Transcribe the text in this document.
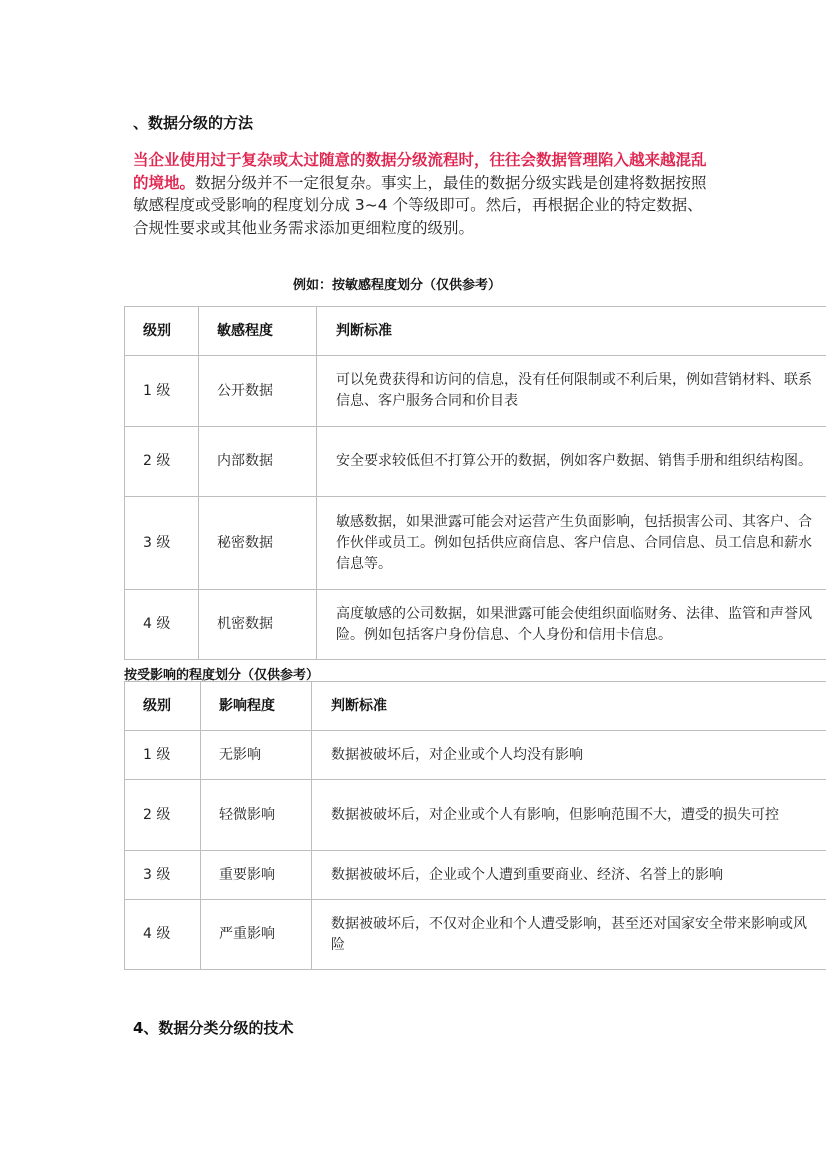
、数据分级的方法
当企业使用过于复杂或太过随意的数据分级流程时，往往会数据管理陷入越来越混乱的境地。数据分级并不一定很复杂。事实上，最佳的数据分级实践是创建将数据按照敏感程度或受影响的程度划分成 3~4 个等级即可。然后，再根据企业的特定数据、合规性要求或其他业务需求添加更细粒度的级别。
例如：按敏感程度划分（仅供参考）
级别	敏感程度	判断标准
1 级	公开数据	可以免费获得和访问的信息，没有任何限制或不利后果，例如营销材料、联系信息、客户服务合同和价目表
2 级	内部数据	安全要求较低但不打算公开的数据，例如客户数据、销售手册和组织结构图。
3 级	秘密数据	敏感数据，如果泄露可能会对运营产生负面影响，包括损害公司、其客户、合作伙伴或员工。例如包括供应商信息、客户信息、合同信息、员工信息和薪水信息等。
4 级	机密数据	高度敏感的公司数据，如果泄露可能会使组织面临财务、法律、监管和声誉风险。例如包括客户身份信息、个人身份和信用卡信息。
按受影响的程度划分（仅供参考）
级别	影响程度	判断标准
1 级	无影响	数据被破坏后，对企业或个人均没有影响
2 级	轻微影响	数据被破坏后，对企业或个人有影响，但影响范围不大，遭受的损失可控
3 级	重要影响	数据被破坏后，企业或个人遭到重要商业、经济、名誉上的影响
4 级	严重影响	数据被破坏后，不仅对企业和个人遭受影响，甚至还对国家安全带来影响或风险
4、数据分类分级的技术
